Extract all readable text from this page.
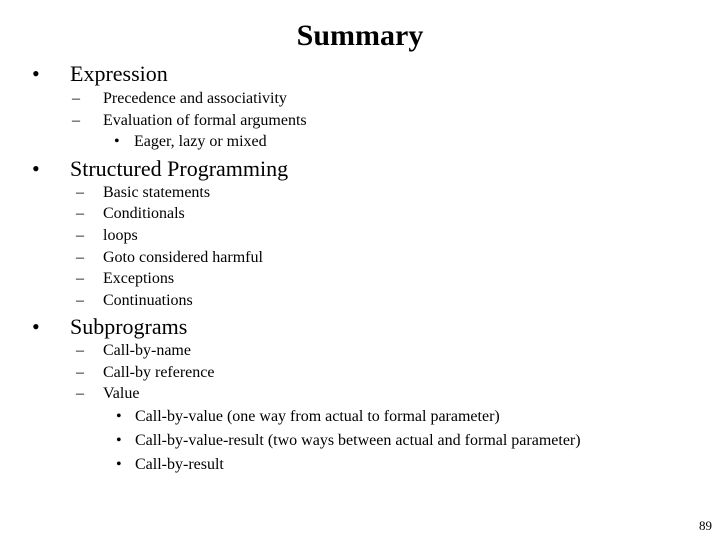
Summary
• Expression
– Precedence and associativity
– Evaluation of formal arguments
• Eager, lazy or mixed
• Structured Programming
– Basic statements
– Conditionals
– loops
– Goto considered harmful
– Exceptions
– Continuations
• Subprograms
– Call-by-name
– Call-by reference
– Value
• Call-by-value (one way from actual to formal parameter)
• Call-by-value-result (two ways between actual and formal parameter)
• Call-by-result
89
